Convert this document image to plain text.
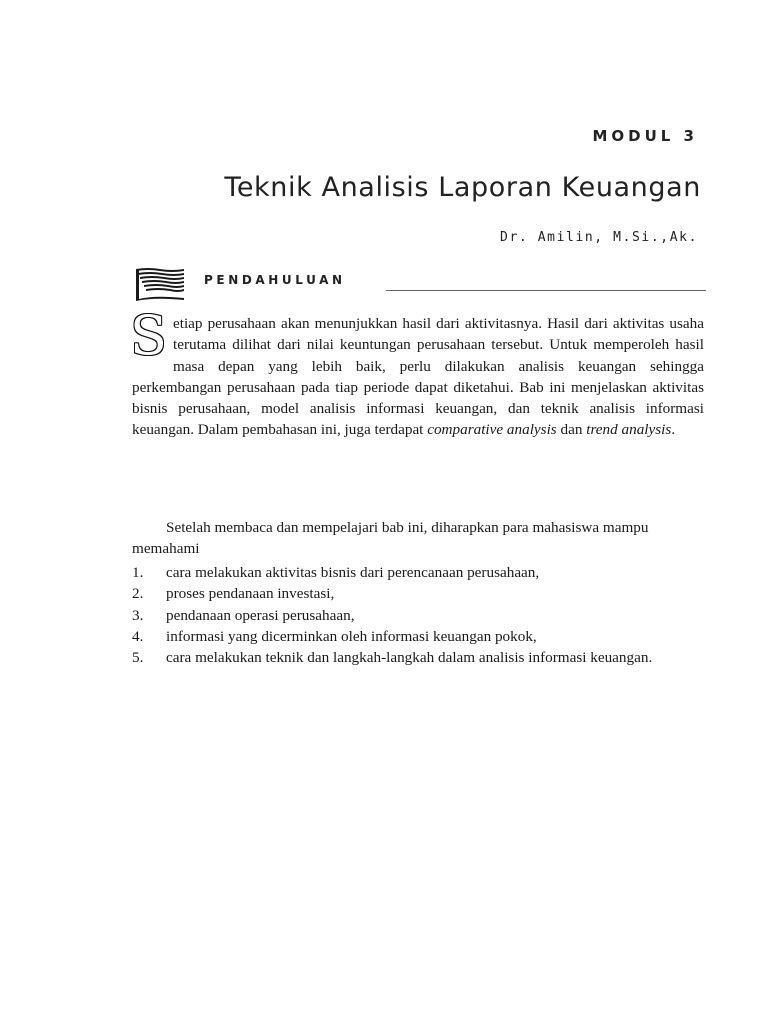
MODUL 3
Teknik Analisis Laporan Keuangan
Dr. Amilin, M.Si.,Ak.
PENDAHULUAN

Setiap perusahaan akan menunjukkan hasil dari aktivitasnya. Hasil dari aktivitas usaha terutama dilihat dari nilai keuntungan perusahaan tersebut. Untuk memperoleh hasil masa depan yang lebih baik, perlu dilakukan analisis keuangan sehingga perkembangan perusahaan pada tiap periode dapat diketahui. Bab ini menjelaskan aktivitas bisnis perusahaan, model analisis informasi keuangan, dan teknik analisis informasi keuangan. Dalam pembahasan ini, juga terdapat comparative analysis dan trend analysis.

Setelah membaca dan mempelajari bab ini, diharapkan para mahasiswa mampu memahami

1. cara melakukan aktivitas bisnis dari perencanaan perusahaan,
2. proses pendanaan investasi,
3. pendanaan operasi perusahaan,
4. informasi yang dicerminkan oleh informasi keuangan pokok,
5. cara melakukan teknik dan langkah-langkah dalam analisis informasi keuangan.
